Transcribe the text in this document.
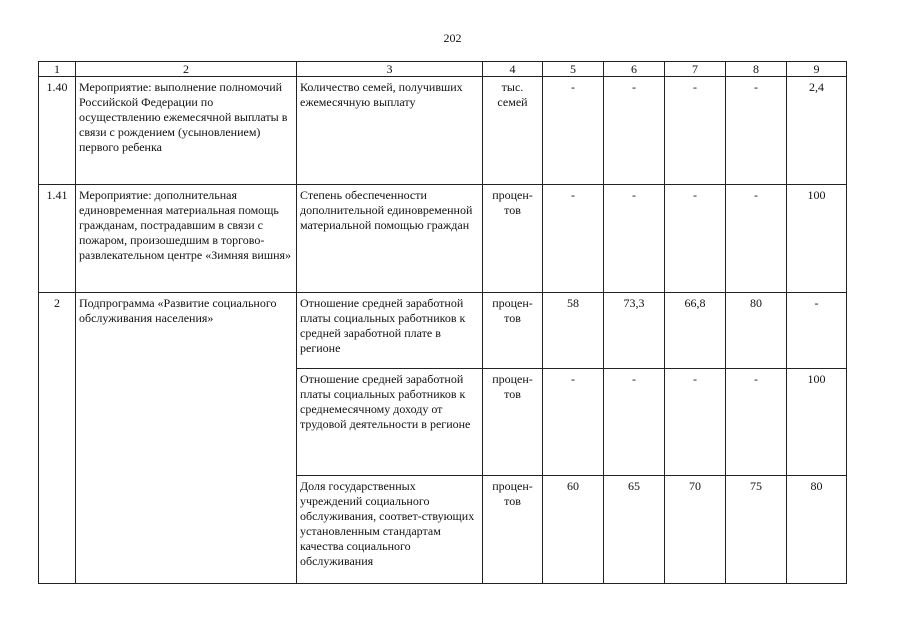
202
1	2	3	4	5	6	7	8	9
1.40	Мероприятие: выполнение полномочий Российской Федерации по осуществлению ежемесячной выплаты в связи с рождением (усыновлением) первого ребенка	Количество семей, получивших ежемесячную выплату	тыс. семей	-	-	-	-	2,4
1.41	Мероприятие: дополнительная единовременная материальная помощь гражданам, пострадавшим в связи с пожаром, произошедшим в торгово-развлекательном центре «Зимняя вишня»	Степень обеспеченности дополнительной единовременной материальной помощью граждан	процен-тов	-	-	-	-	100
2	Подпрограмма «Развитие социального обслуживания населения»	Отношение средней заработной платы социальных работников к средней заработной плате в регионе	процен-тов	58	73,3	66,8	80	-
		Отношение средней заработной платы социальных работников к среднемесячному доходу от трудовой деятельности в регионе	процен-тов	-	-	-	-	100
		Доля государственных учреждений социального обслуживания, соответ-ствующих установленным стандартам качества социального обслуживания	процен-тов	60	65	70	75	80
